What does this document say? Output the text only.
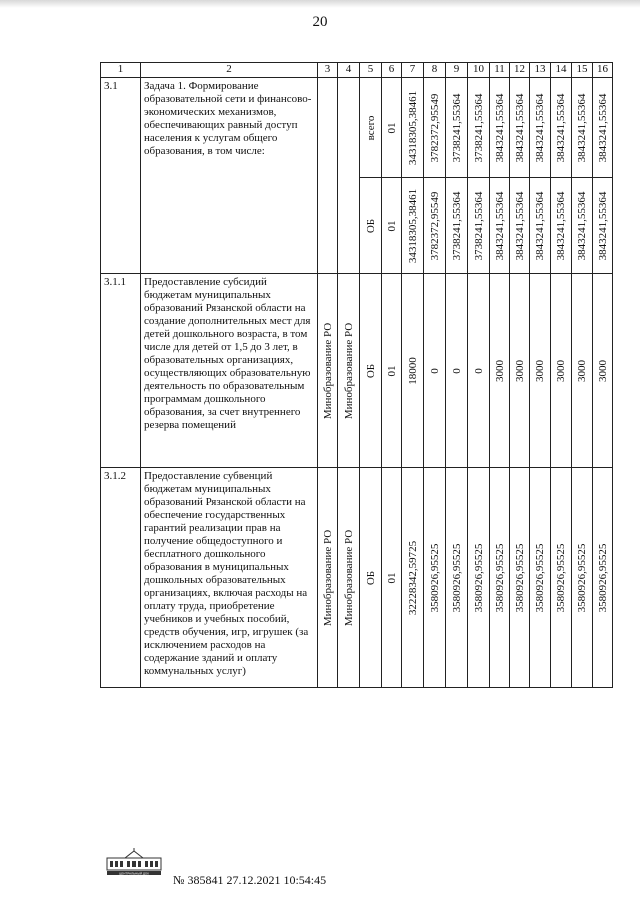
20
1	2	3	4	5	6	7	8	9	10	11	12	13	14	15	16
3.1	Задача 1. Формирование образовательной сети и финансово-экономических механизмов, обеспечивающих равный доступ населения к услугам общего образования, в том числе:			всего	01	34318305,38461	3782372,95549	3738241,55364	3738241,55364	3843241,55364	3843241,55364	3843241,55364	3843241,55364	3843241,55364	3843241,55364

				ОБ	01	34318305,38461	3782372,95549	3738241,55364	3738241,55364	3843241,55364	3843241,55364	3843241,55364	3843241,55364	3843241,55364	3843241,55364

3.1.1	Предоставление субсидий бюджетам муниципальных образований Рязанской области на создание дополнительных мест для детей дошкольного возраста, в том числе для детей от 1,5 до 3 лет, в образовательных организациях, осуществляющих образовательную деятельность по образовательным программам дошкольного образования, за счет внутреннего резерва помещений	Минобразование РО	Минобразование РО	ОБ	01	18000	0	0	0	3000	3000	3000	3000	3000	3000

3.1.2	Предоставление субвенций бюджетам муниципальных образований Рязанской области на обеспечение государственных гарантий реализации прав на получение общедоступного и бесплатного дошкольного образования в муниципальных дошкольных образовательных организациях, включая расходы на оплату труда, приобретение учебников и учебных пособий, средств обучения, игр, игрушек (за исключением расходов на содержание зданий и оплату коммунальных услуг)	Минобразование РО	Минобразование РО	ОБ	01	32228342,59725	3580926,95525	3580926,95525	3580926,95525	3580926,95525	3580926,95525	3580926,95525	3580926,95525	3580926,95525	3580926,95525
ЦЕНТРАЛЬНЫЙ ДОК № 385841 27.12.2021 10:54:45
